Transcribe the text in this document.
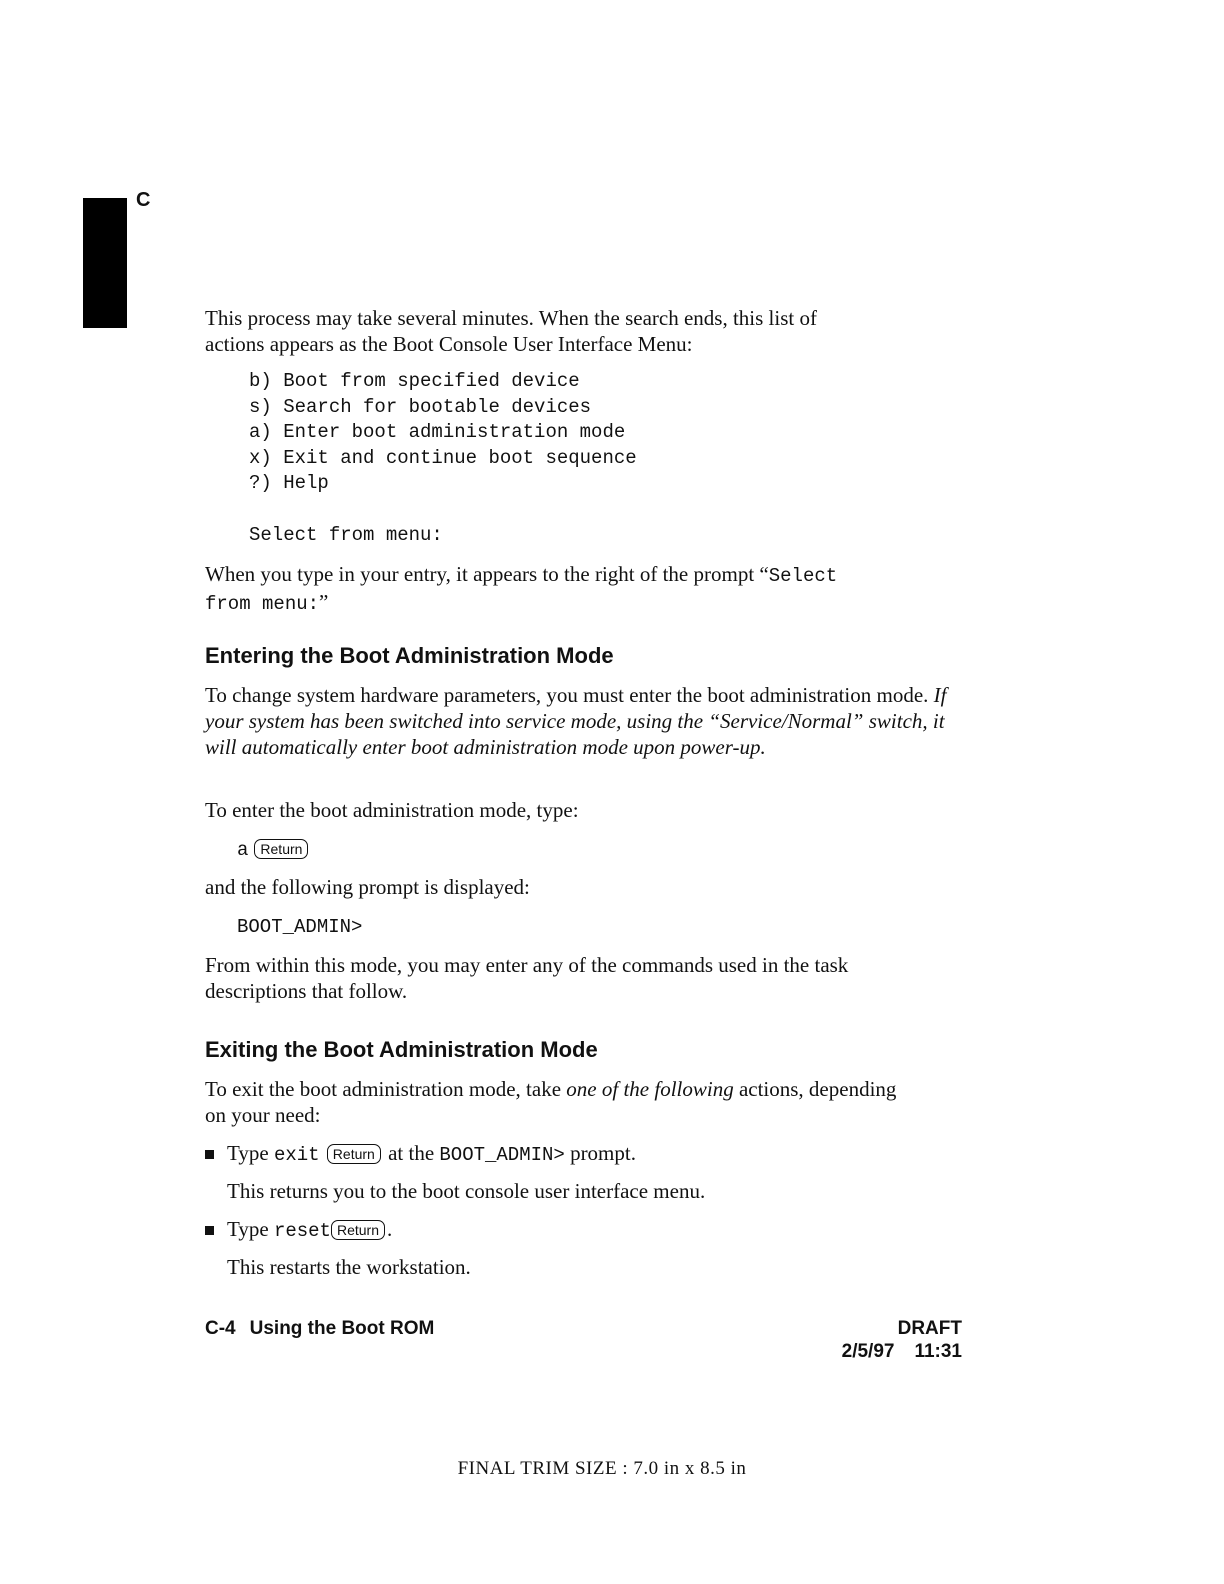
C

This process may take several minutes. When the search ends, this list of

actions appears as the Boot Console User Interface Menu:

b) Boot from specified device
s) Search for bootable devices
a) Enter boot administration mode
x) Exit and continue boot sequence
?) Help
Select from menu:
When you type in your entry, it appears to the right of the prompt “Select
from menu:”
Entering the Boot Administration Mode

To change system hardware parameters, you must enter the boot administration mode. If your system has been switched into service mode, using the “Service/Normal” switch, it will automatically enter boot administration mode upon power-up.

To enter the boot administration mode, type:
a Return
and the following prompt is displayed:
BOOT_ADMIN>

From within this mode, you may enter any of the commands used in the task descriptions that follow.

Exiting the Boot Administration Mode

To exit the boot administration mode, take one of the following actions, depending on your need:

Type exit Return at the BOOT_ADMIN> prompt.
This returns you to the boot console user interface menu.
Type reset Return .
This restarts the workstation.
C-4 Using the Boot ROM	DRAFT
2/5/97 11:31
FINAL TRIM SIZE : 7.0 in x 8.5 in
